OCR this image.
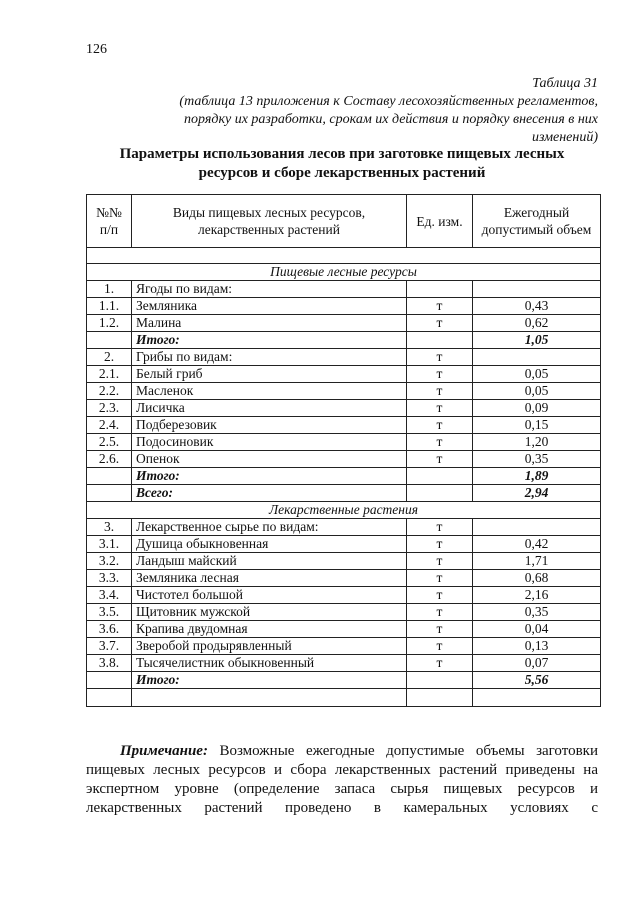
126
Таблица 31
(таблица 13 приложения к Составу лесохозяйственных регламентов,
порядку их разработки, срокам их действия и порядку внесения в них
изменений)
Параметры использования лесов при заготовке пищевых лесных
ресурсов и сборе лекарственных растений
№№ п/п	Виды пищевых лесных ресурсов, лекарственных растений	Ед. изм.	Ежегодный допустимый объем

Пищевые лесные ресурсы			
1.	Ягоды по видам:		
1.1.	Земляника	т	0,43
1.2.	Малина	т	0,62
	Итого:		1,05
2.	Грибы по видам:	т	
2.1.	Белый гриб	т	0,05
2.2.	Масленок	т	0,05
2.3.	Лисичка	т	0,09
2.4.	Подберезовик	т	0,15
2.5.	Подосиновик	т	1,20
2.6.	Опенок	т	0,35
	Итого:		1,89
	Всего:		2,94
Лекарственные растения			
3.	Лекарственное сырье по видам:	т	
3.1.	Душица обыкновенная	т	0,42
3.2.	Ландыш майский	т	1,71
3.3.	Земляника лесная	т	0,68
3.4.	Чистотел большой	т	2,16
3.5.	Щитовник мужской	т	0,35
3.6.	Крапива двудомная	т	0,04
3.7.	Зверобой продырявленный	т	0,13
3.8.	Тысячелистник обыкновенный	т	0,07
	Итого:		5,56

Примечание: Возможные ежегодные допустимые объемы заготовки
пищевых лесных ресурсов и сбора лекарственных растений приведены на
экспертном уровне (определение запаса сырья пищевых ресурсов и
лекарственных растений проведено в камеральных условиях с
